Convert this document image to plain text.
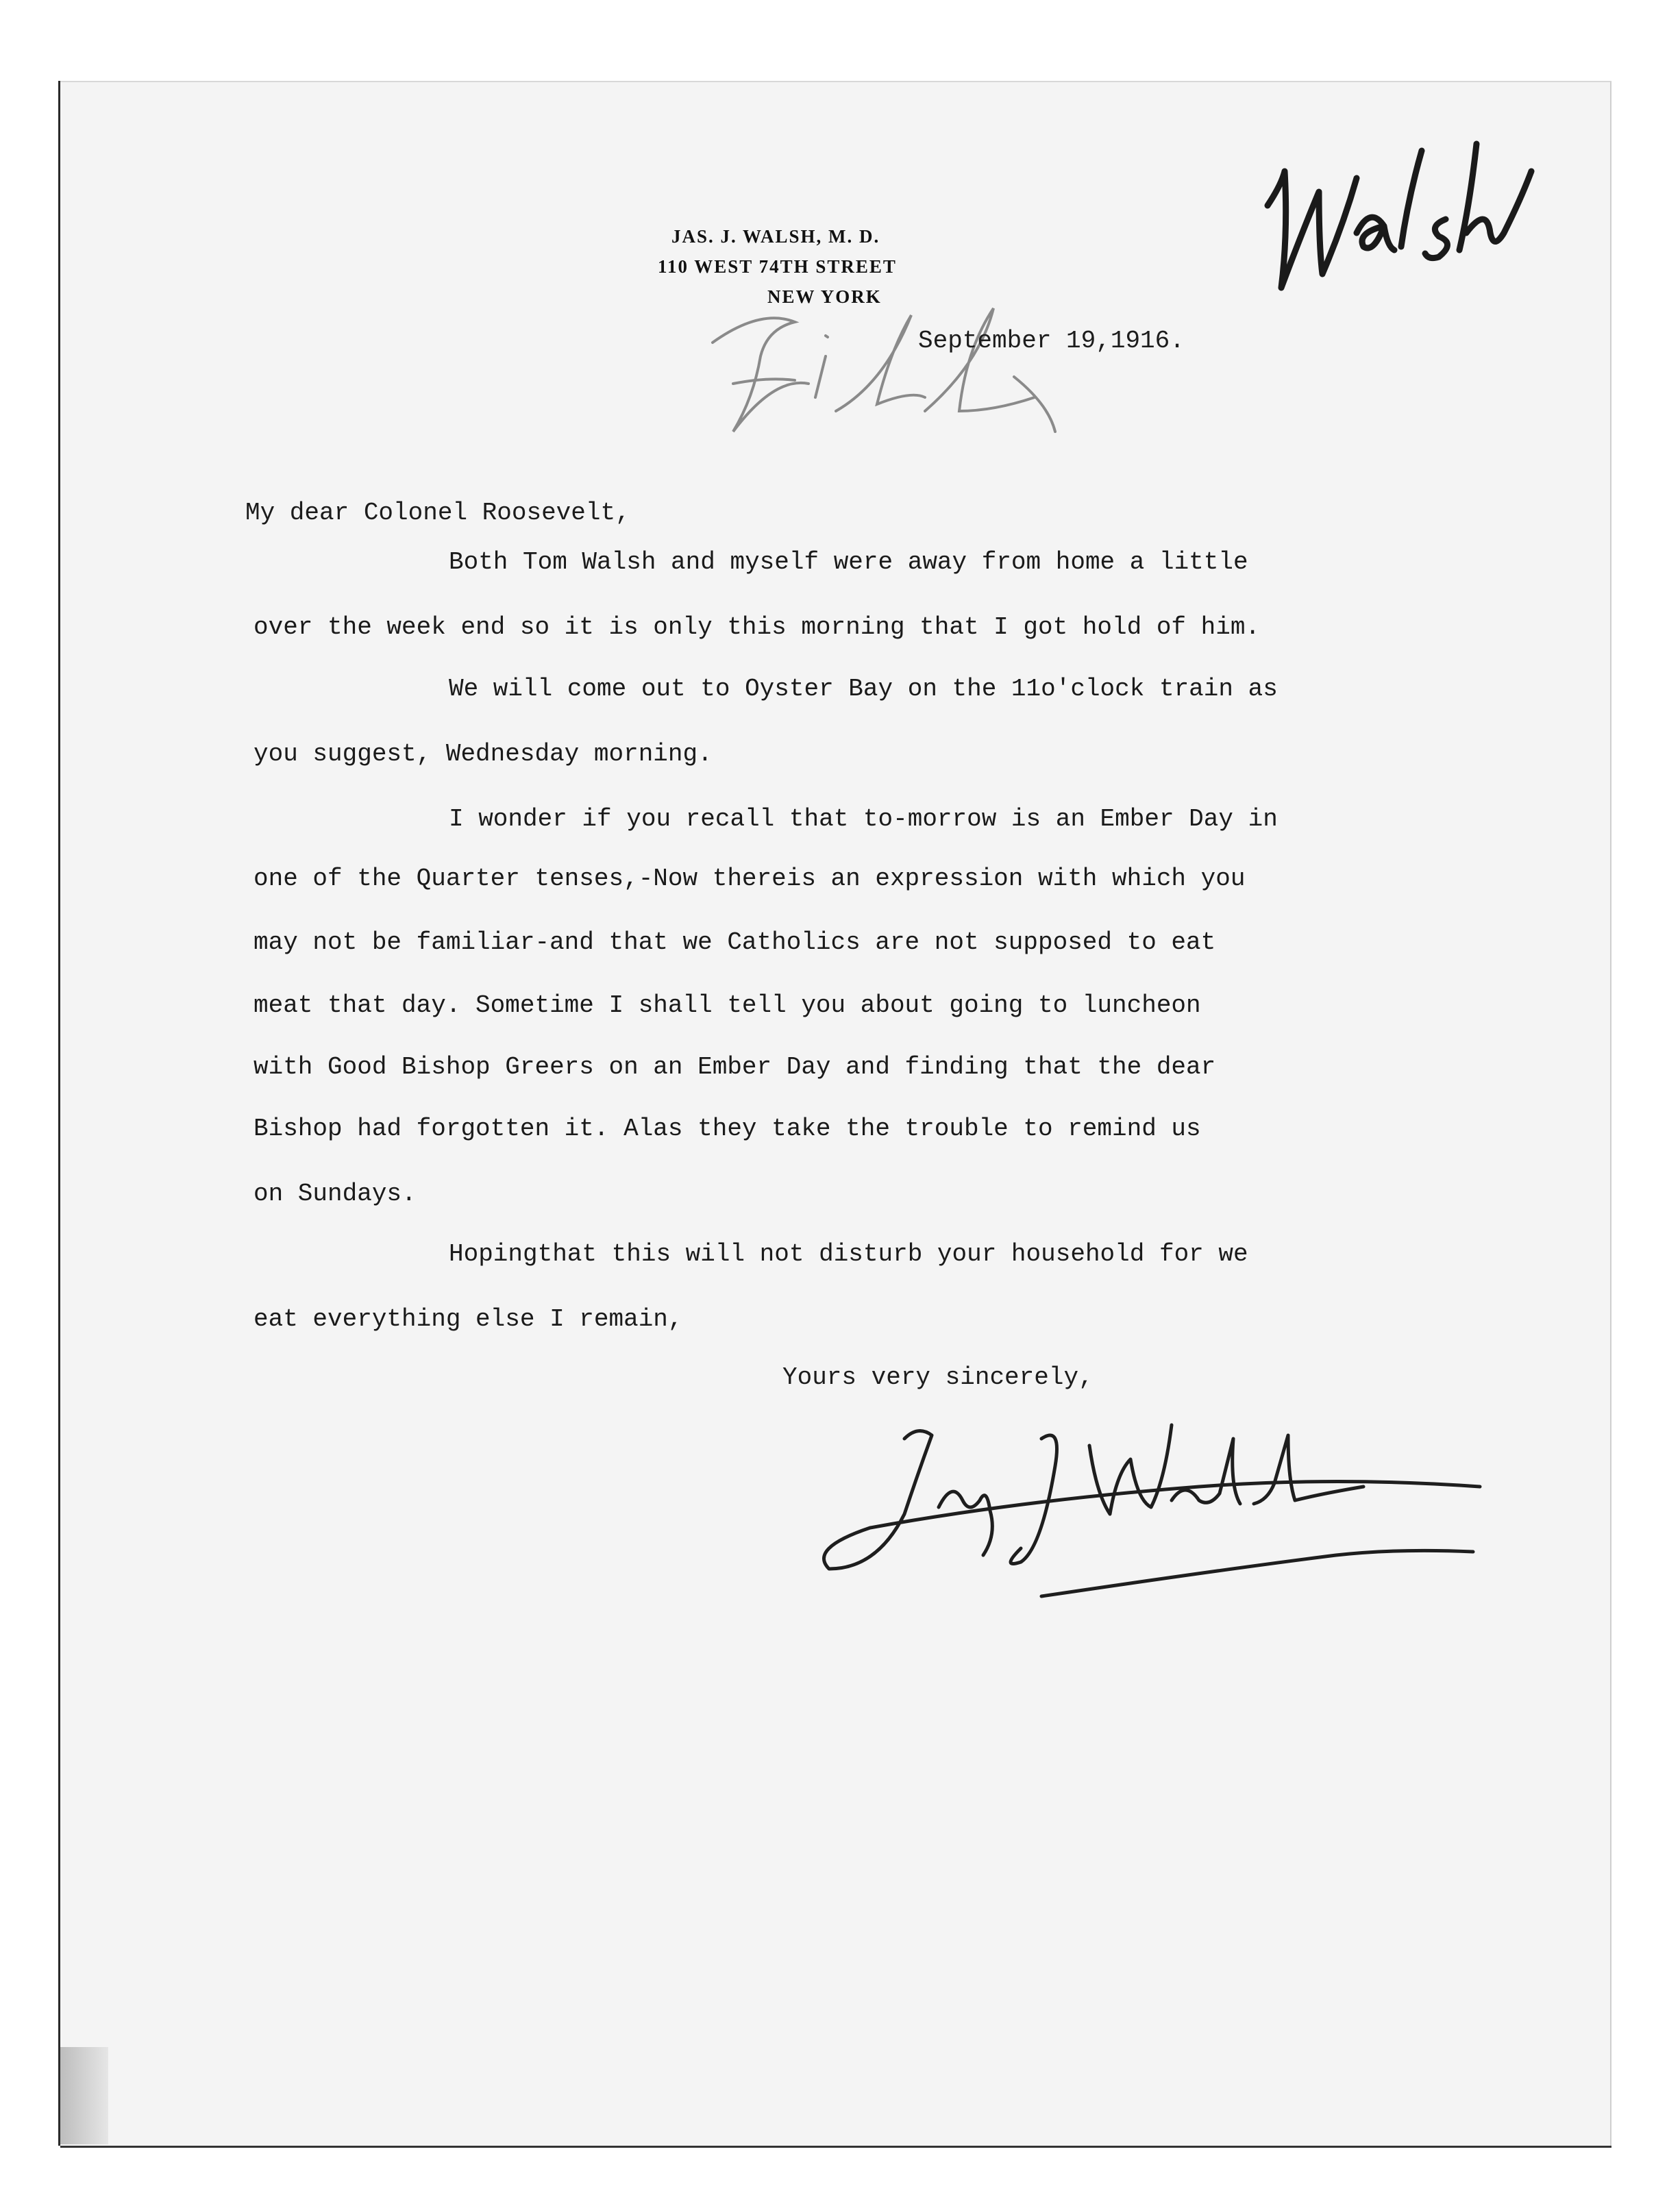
JAS. J. WALSH, M. D.
110 WEST 74TH STREET
NEW YORK
September 19,1916.
My dear Colonel Roosevelt,
Both Tom Walsh and myself were away from home a little
over the week end so it is only this morning that I got hold of him.
We will come out to Oyster Bay on the 11o'clock train as
you suggest, Wednesday morning.
I wonder if you recall that to-morrow is an Ember Day in
one of the Quarter tenses,-Now thereis an expression with which you
may not be familiar-and that we Catholics are not supposed to eat
meat that day. Sometime I shall tell you about going to luncheon
with Good Bishop Greers on an Ember Day and finding that the dear
Bishop had forgotten it. Alas they take the trouble to remind us
on Sundays.
Hopingthat this will not disturb your household for we
eat everything else I remain,
Yours very sincerely,
